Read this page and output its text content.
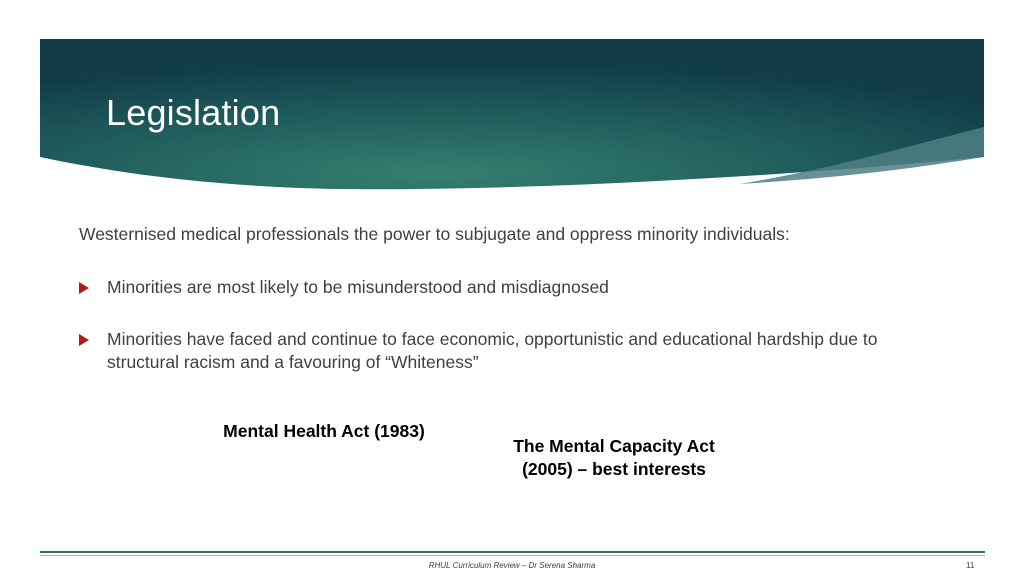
Legislation
Westernised medical professionals the power to subjugate and oppress minority individuals:
Minorities are most likely to be misunderstood and misdiagnosed
Minorities have faced and continue to face economic, opportunistic and educational hardship due to structural racism and a favouring of “Whiteness”
Mental Health Act (1983)
The Mental Capacity Act (2005) – best interests
RHUL Curriculum Review – Dr Serena Sharma	11
